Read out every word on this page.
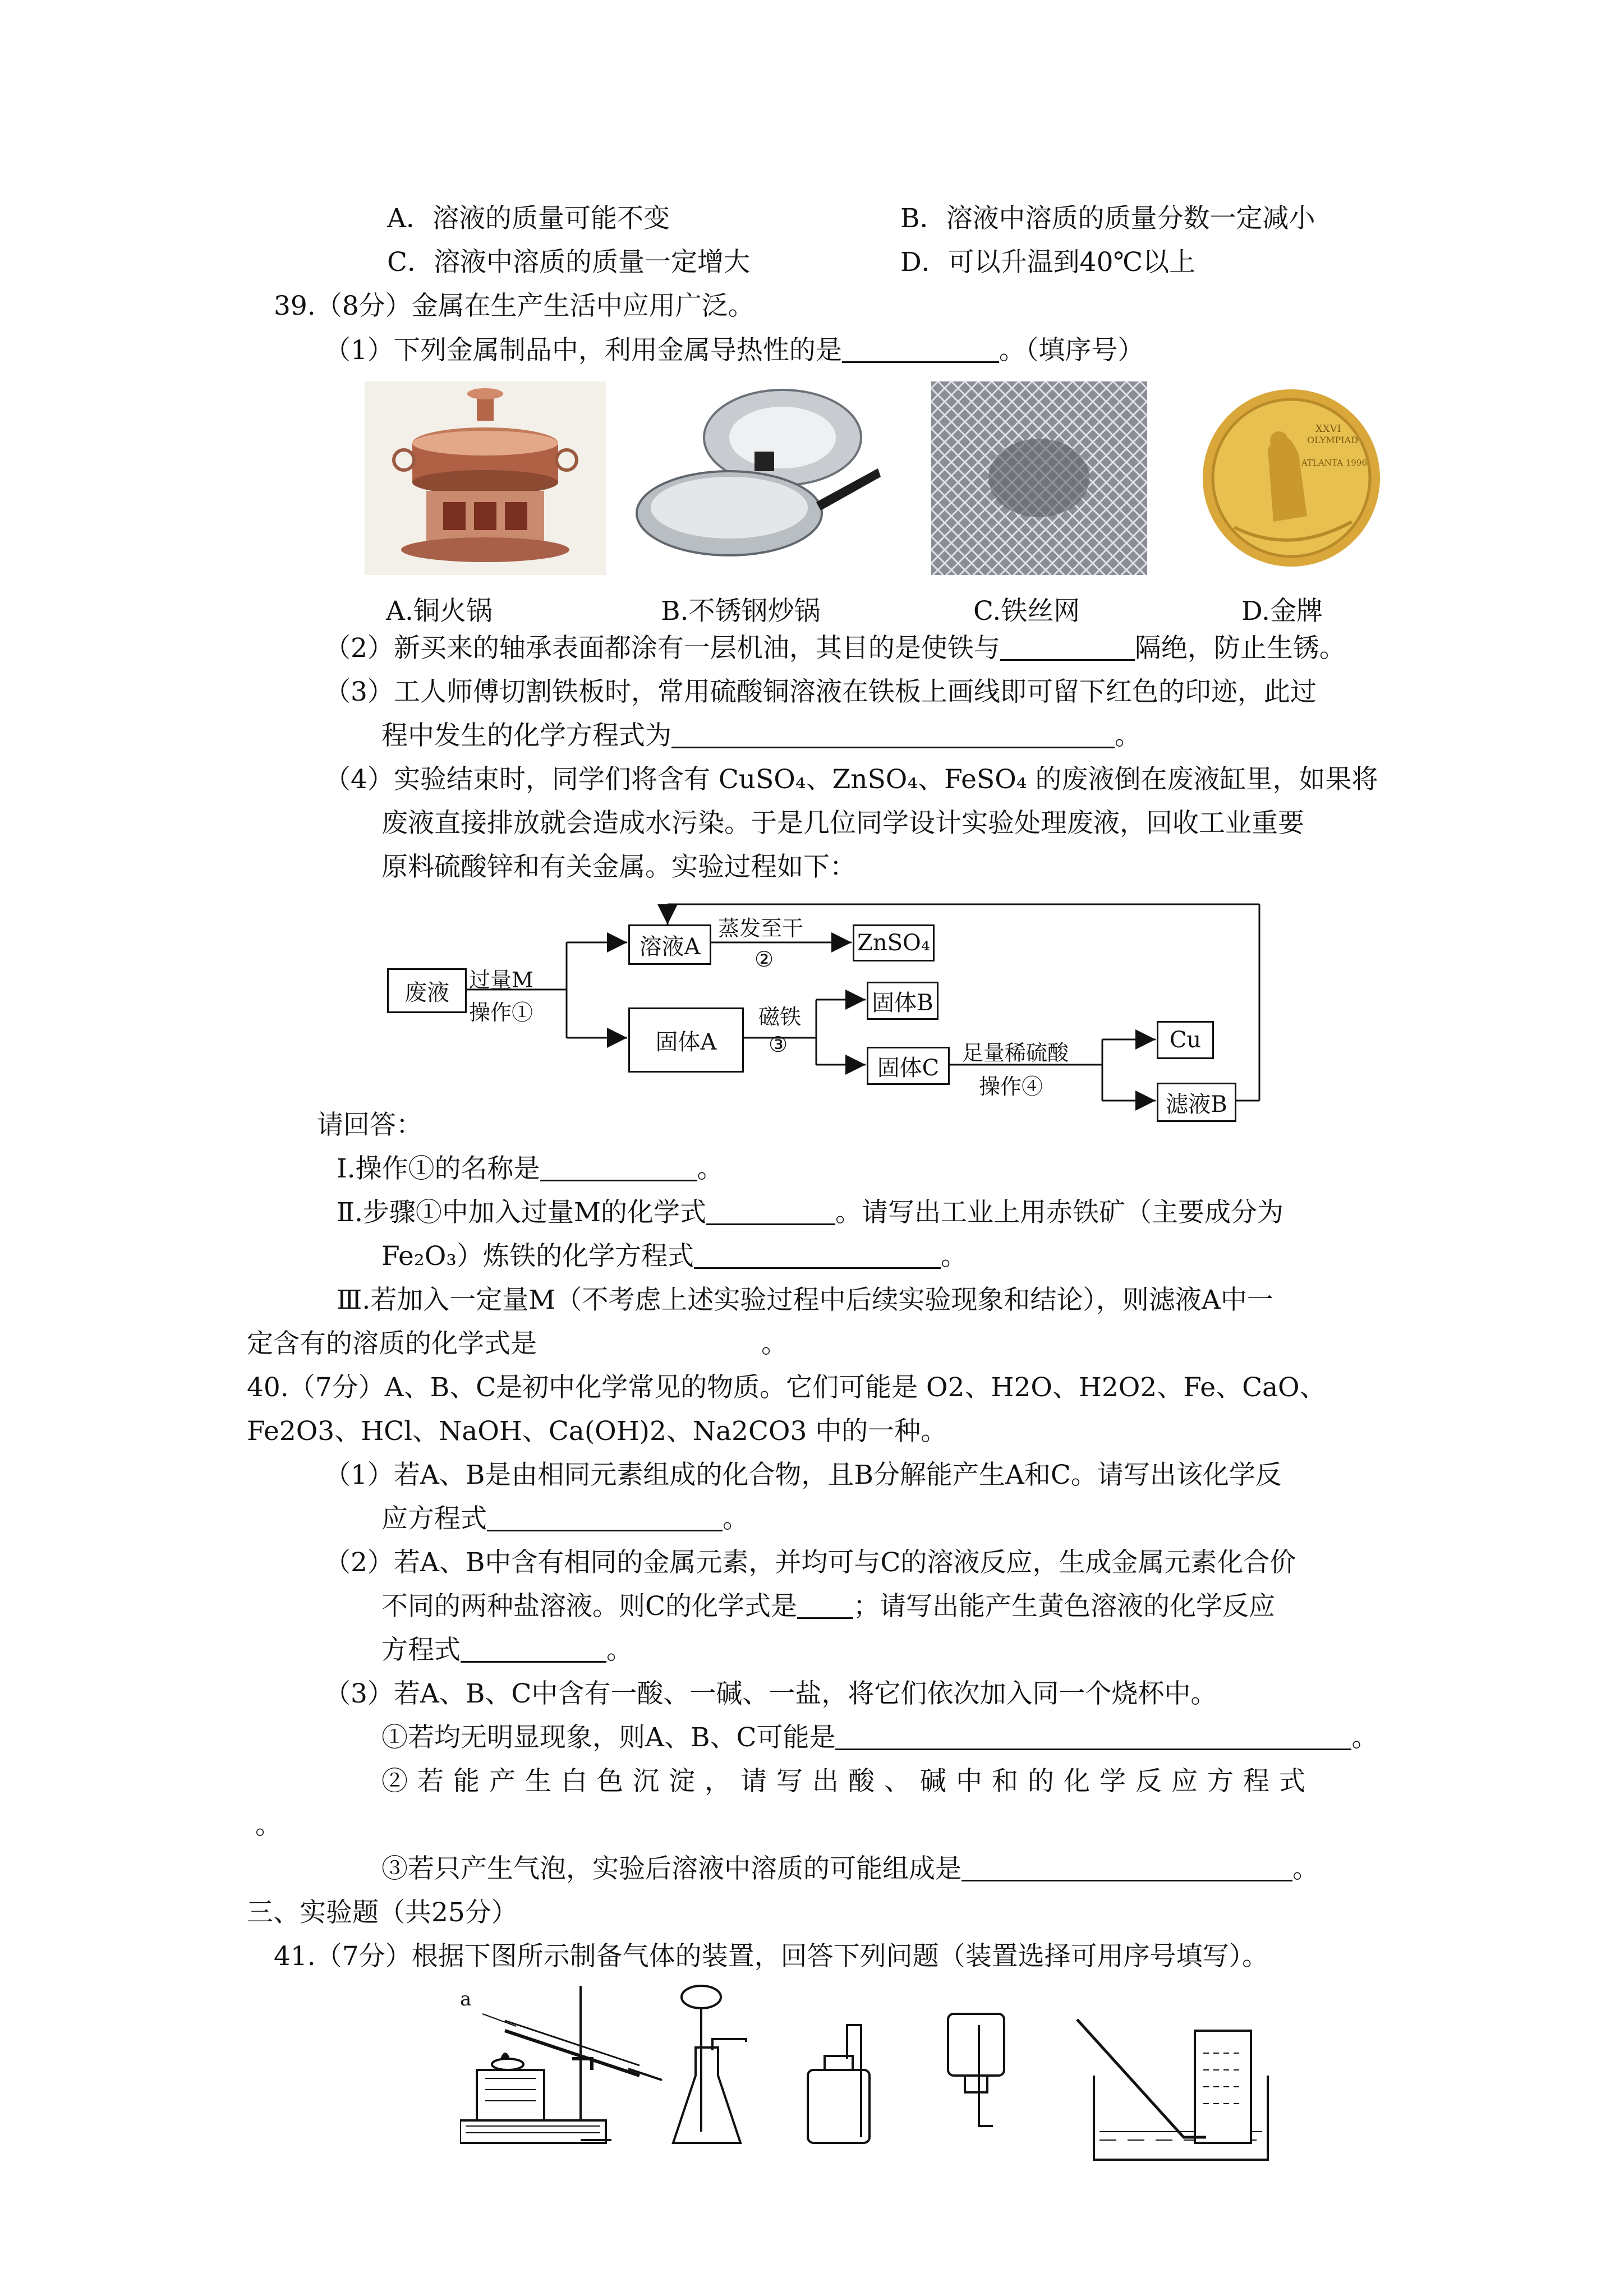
A．溶液的质量可能不变	B．溶液中溶质的质量分数一定减小
C．溶液中溶质的质量一定增大	D．可以升温到40℃以上
39.（8分）金属在生产生活中应用广泛。
（1）下列金属制品中，利用金属导热性的是	。（填序号）
XXVI
OLYMPIAD
ATLANTA 1996
A.铜火锅	B.不锈钢炒锅	C.铁丝网	D.金牌
（2）新买来的轴承表面都涂有一层机油，其目的是使铁与	隔绝，防止生锈。
（3）工人师傅切割铁板时，常用硫酸铜溶液在铁板上画线即可留下红色的印迹，此过
程中发生的化学方程式为	。
（4）实验结束时，同学们将含有 CuSO₄、ZnSO₄、FeSO₄ 的废液倒在废液缸里，如果将
废液直接排放就会造成水污染。于是几位同学设计实验处理废液，回收工业重要
原料硫酸锌和有关金属。实验过程如下：
废液 过量M
操作①
溶液A
蒸发至干
②
ZnSO₄
固体A
磁铁
③
固体B
固体C
足量稀硫酸
操作④
Cu
滤液B
请回答：
Ⅰ.操作①的名称是	。
Ⅱ.步骤①中加入过量M的化学式	。请写出工业上用赤铁矿（主要成分为
Fe₂O₃）炼铁的化学方程式	。
Ⅲ.若加入一定量M（不考虑上述实验过程中后续实验现象和结论），则滤液A中一
定含有的溶质的化学式是	。
40.（7分）A、B、C是初中化学常见的物质。它们可能是 O2、H2O、H2O2、Fe、CaO、
Fe2O3、HCl、NaOH、Ca(OH)2、Na2CO3 中的一种。
（1）若A、B是由相同元素组成的化合物，且B分解能产生A和C。请写出该化学反
应方程式	。
（2）若A、B中含有相同的金属元素，并均可与C的溶液反应，生成金属元素化合价
不同的两种盐溶液。则C的化学式是 ；请写出能产生黄色溶液的化学反应
方程式	。
（3）若A、B、C中含有一酸、一碱、一盐，将它们依次加入同一个烧杯中。
①若均无明显现象，则A、B、C可能是	。
②若能产生白色沉淀，请写出酸、碱中和的化学反应方程式
。
③若只产生气泡，实验后溶液中溶质的可能组成是	。
三、实验题（共25分）
41.（7分）根据下图所示制备气体的装置，回答下列问题（装置选择可用序号填写）。
a
